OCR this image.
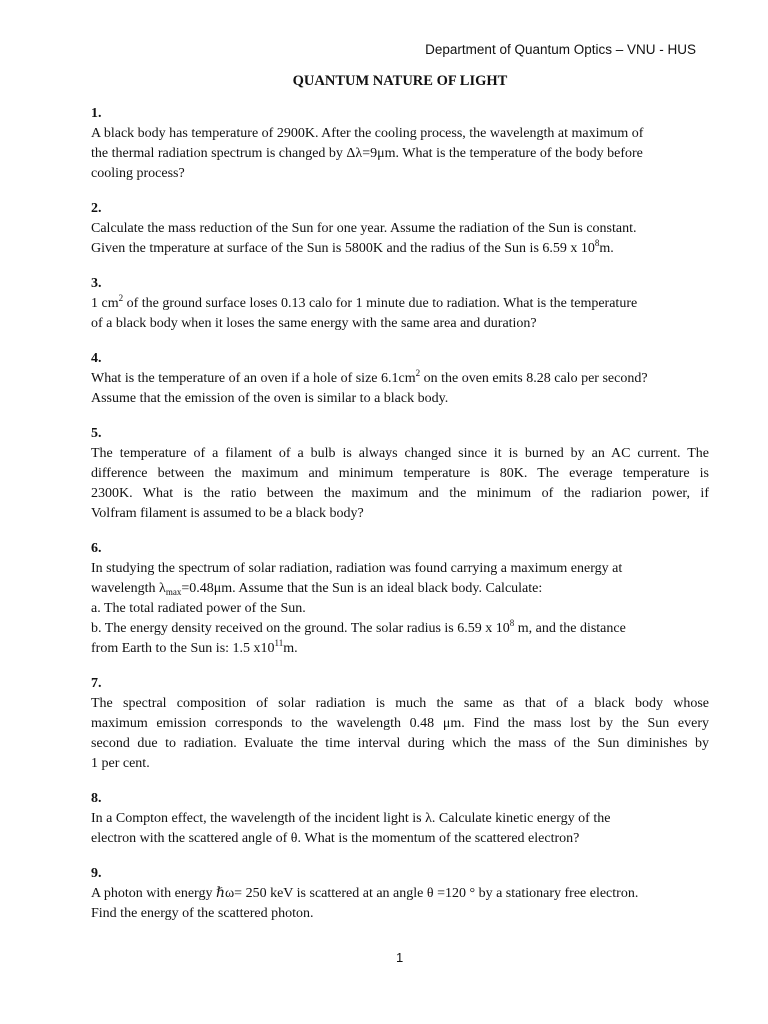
Department of Quantum Optics – VNU - HUS
QUANTUM NATURE OF LIGHT
1.
A black body has temperature of 2900K. After the cooling process, the wavelength at maximum of
the thermal radiation spectrum is changed by Δλ=9μm. What is the temperature of the body before
cooling process?
2.
Calculate the mass reduction of the Sun for one year. Assume the radiation of the Sun is constant.
Given the tmperature at surface of the Sun is 5800K and the radius of the Sun is 6.59 x $10^8m$.
3.
1 $cm^2$ of the ground surface loses 0.13 calo for 1 minute due to radiation. What is the temperature
of a black body when it loses the same energy with the same area and duration?
4.
What is the temperature of an oven if a hole of size $6.1cm^2$ on the oven emits 8.28 calo per second?
Assume that the emission of the oven is similar to a black body.
5.
The temperature of a filament of a bulb is always changed since it is burned by an AC current. The
difference between the maximum and minimum temperature is 80K. The everage temperature is
2300K. What is the ratio between the maximum and the minimum of the radiarion power, if
Volfram filament is assumed to be a black body?
6.
In studying the spectrum of solar radiation, radiation was found carrying a maximum energy at
wavelength $\lambda_{max}=0.48\mu m$. Assume that the Sun is an ideal black body. Calculate:
a. The total radiated power of the Sun.
b. The energy density received on the ground. The solar radius is 6.59 x $10^8$ m, and the distance
from Earth to the Sun is: 1.5 $x10^{11}m$.
7.
The spectral composition of solar radiation is much the same as that of a black body whose
maximum emission corresponds to the wavelength 0.48 μm. Find the mass lost by the Sun every
second due to radiation. Evaluate the time interval during which the mass of the Sun diminishes by
1 per cent.
8.
In a Compton effect, the wavelength of the incident light is λ. Calculate kinetic energy of the
electron with the scattered angle of θ. What is the momentum of the scattered electron?
9.
A photon with energy ℏω= 250 keV is scattered at an angle θ =120 ° by a stationary free electron.
Find the energy of the scattered photon.
1
